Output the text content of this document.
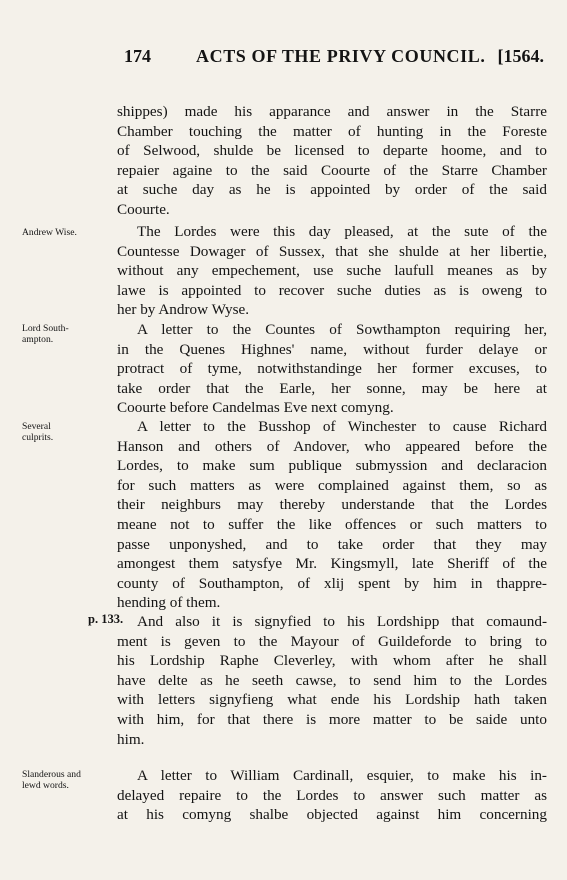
174	ACTS OF THE PRIVY COUNCIL. [1564.
shippes) made his apparance and answer in the Starre
Chamber touching the matter of hunting in the Foreste
of Selwood, shulde be licensed to departe hoome, and to
repaier againe to the said Coourte of the Starre Chamber
at suche day as he is appointed by order of the said
Coourte.
Andrew Wise.	The Lordes were this day pleased, at the sute of the
Countesse Dowager of Sussex, that she shulde at her libertie,
without any empechement, use suche laufull meanes as by
lawe is appointed to recover suche duties as is oweng to
her by Androw Wyse.
Lord South-
ampton.
A letter to the Countes of Sowthampton requiring her,
in the Quenes Highnes' name, without furder delaye or
protract of tyme, notwithstandinge her former excuses, to
take order that the Earle, her sonne, may be here at
Coourte before Candelmas Eve next comyng.
Several
culprits.
A letter to the Busshop of Winchester to cause Richard
Hanson and others of Andover, who appeared before the
Lordes, to make sum publique submyssion and declaracion
for such matters as were complained against them, so as
their neighburs may thereby understande that the Lordes
meane not to suffer the like offences or such matters to
passe unponyshed, and to take order that they may
amongest them satysfye Mr. Kingsmyll, late Sheriff of the
county of Southampton, of xlij spent by him in thappre-
hending of them.
p. 133. And also it is signyfied to his Lordshipp that comaund-
ment is geven to the Mayour of Guildeforde to bring to
his Lordship Raphe Cleverley, with whom after he shall
have delte as he seeth cawse, to send him to the Lordes
with letters signyfieng what ende his Lordship hath taken
with him, for that there is more matter to be saide unto
him.
Slanderous and
lewd words.
A letter to William Cardinall, esquier, to make his in-
delayed repaire to the Lordes to answer such matter as
at his comyng shalbe objected against him concerning
